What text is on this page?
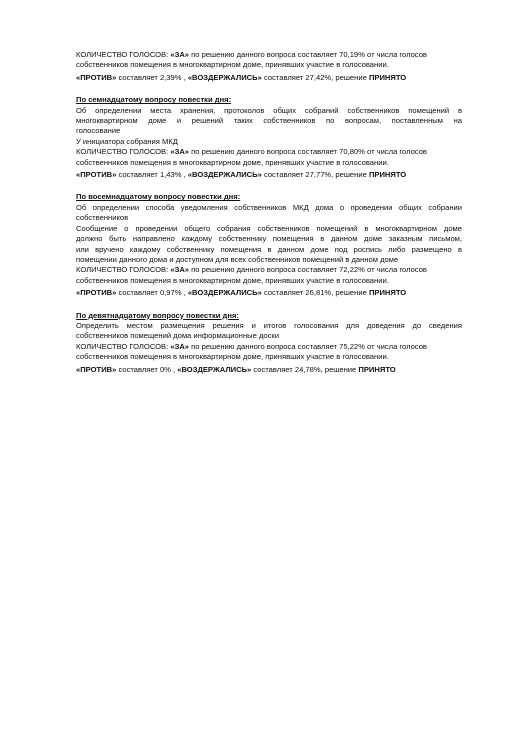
КОЛИЧЕСТВО ГОЛОСОВ: «ЗА» по решению данного вопроса составляет 70,19% от числа голосов
собственников помещения в многоквартирном доме, принявших участие в голосовании.
«ПРОТИВ» составляет 2,39% , «ВОЗДЕРЖАЛИСЬ» составляет 27,42%, решение ПРИНЯТО
По семнадцатому вопросу повестки дня:
Об определении места хранения, протоколов общих собраний собственников помещений в
многоквартирном доме и решений таких собственников по вопросам, поставленным на
голосование
У инициатора собрания МКД
КОЛИЧЕСТВО ГОЛОСОВ: «ЗА» по решению данного вопроса составляет 70,80% от числа голосов
собственников помещения в многоквартирном доме, принявших участие в голосовании.
«ПРОТИВ» составляет 1,43% , «ВОЗДЕРЖАЛИСЬ» составляет 27,77%, решение ПРИНЯТО
По восемнадцатому вопросу повестки дня:
Об определении способа уведомления собственников МКД дома о проведении общих собрании
собственников
Сообщение о проведении общего собрания собственников помещений в многоквартирном доме
должно быть направлено каждому собственнику помещения в данном доме заказным письмом,
или вручено каждому собственнику помещения в данном доме под роспись либо размещено в
помещении данного дома и доступном для всех собственников помещений в данном доме
КОЛИЧЕСТВО ГОЛОСОВ: «ЗА» по решению данного вопроса составляет 72,22% от числа голосов
собственников помещения в многоквартирном доме, принявших участие в голосовании.
«ПРОТИВ» составляет 0,97% , «ВОЗДЕРЖАЛИСЬ» составляет 26,81%, решение ПРИНЯТО
По девятнадцатому вопросу повестки дня:
Определить местом размещения решения и итогов голосования для доведения до сведения
собственников помещений дома информационные доски
КОЛИЧЕСТВО ГОЛОСОВ: «ЗА» по решению данного вопроса составляет 75,22% от числа голосов
собственников помещения в многоквартирном доме, принявших участие в голосовании.
«ПРОТИВ» составляет 0% , «ВОЗДЕРЖАЛИСЬ» составляет 24,78%, решение ПРИНЯТО
